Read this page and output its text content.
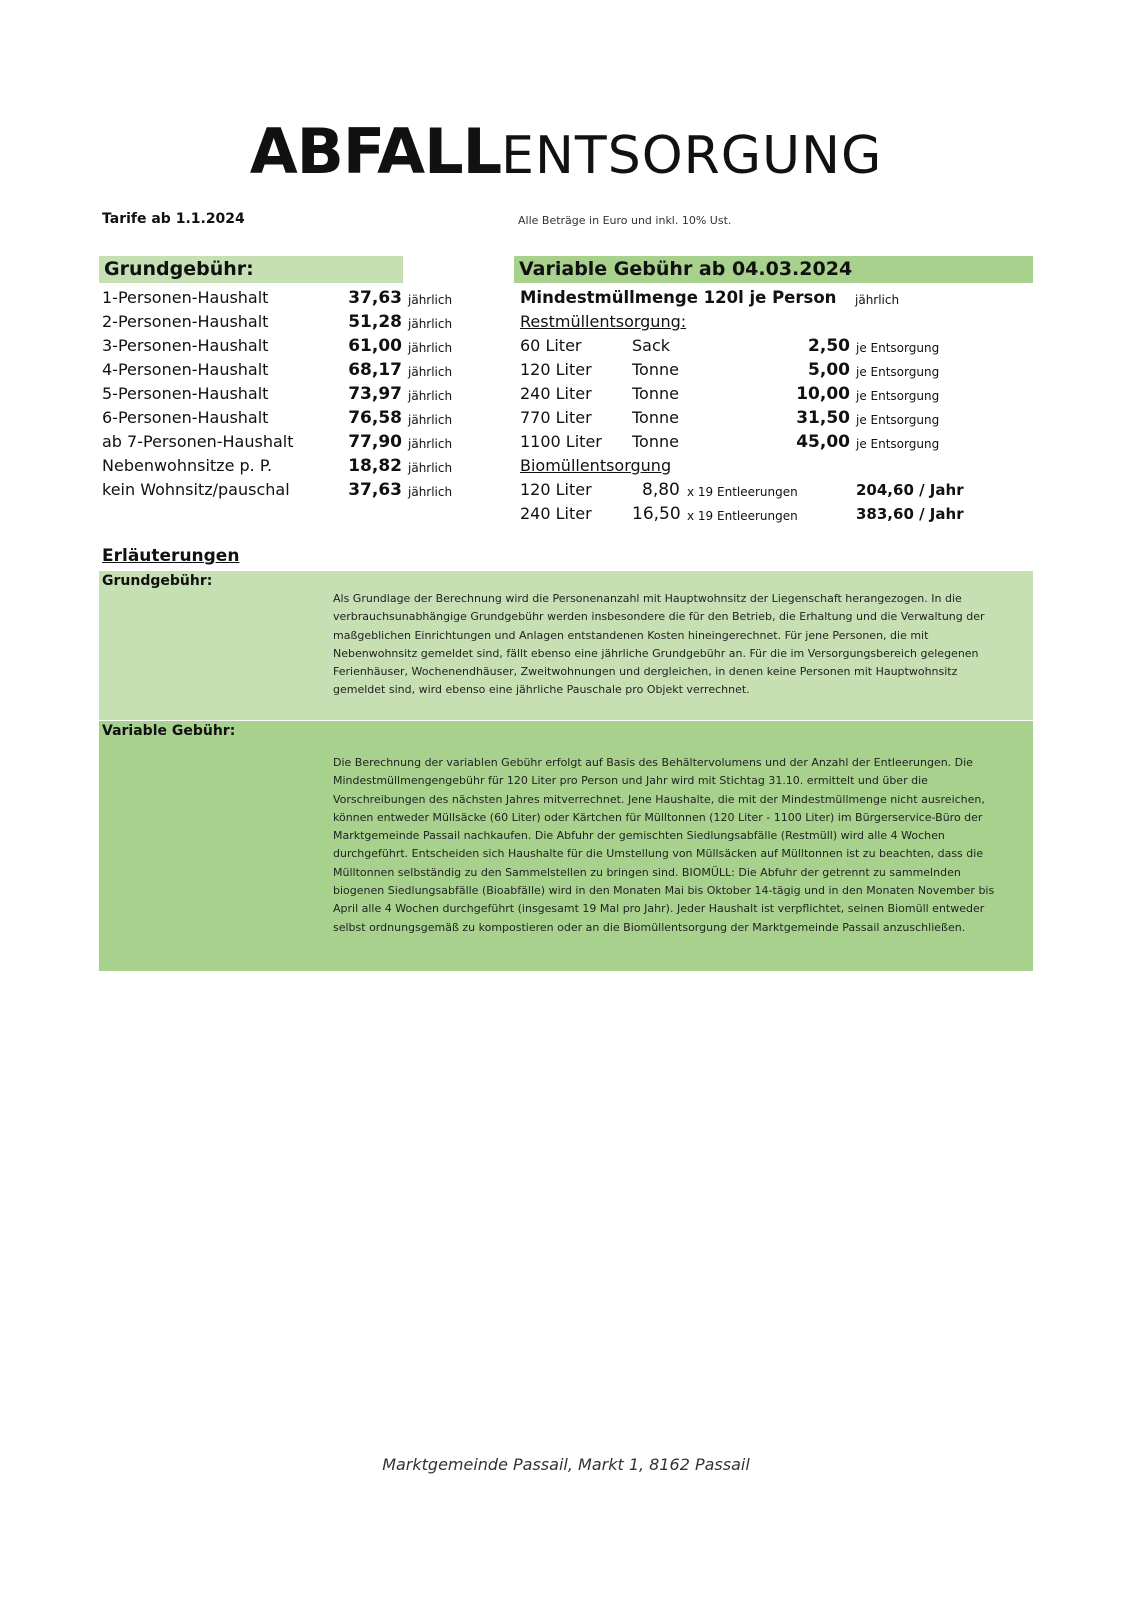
ABFALLENTSORGUNG
Tarife ab 1.1.2024	Alle Beträge in Euro und inkl. 10% Ust.
Grundgebühr:	Variable Gebühr ab 04.03.2024
1-Personen-Haushalt	37,63 jährlich
2-Personen-Haushalt	51,28 jährlich
3-Personen-Haushalt	61,00 jährlich
4-Personen-Haushalt	68,17 jährlich
5-Personen-Haushalt	73,97 jährlich
6-Personen-Haushalt	76,58 jährlich
ab 7-Personen-Haushalt	77,90 jährlich
Nebenwohnsitze p. P.	18,82 jährlich
kein Wohnsitz/pauschal	37,63 jährlich
Mindestmüllmenge 120l je Person jährlich
Restmüllentsorgung:
60 Liter	Sack	2,50 je Entsorgung
120 Liter	Tonne	5,00 je Entsorgung
240 Liter	Tonne	10,00 je Entsorgung
770 Liter	Tonne	31,50 je Entsorgung
1100 Liter Tonne	45,00 je Entsorgung
Biomüllentsorgung
120 Liter	8,80 x 19 Entleerungen	204,60 / Jahr
240 Liter 16,50 x 19 Entleerungen	383,60 / Jahr
Erläuterungen
Grundgebühr:
Als Grundlage der Berechnung wird die Personenanzahl mit Hauptwohnsitz der Liegenschaft herangezogen. In die
verbrauchsunabhängige Grundgebühr werden insbesondere die für den Betrieb, die Erhaltung und die Verwaltung der
maßgeblichen Einrichtungen und Anlagen entstandenen Kosten hineingerechnet. Für jene Personen, die mit
Nebenwohnsitz gemeldet sind, fällt ebenso eine jährliche Grundgebühr an. Für die im Versorgungsbereich gelegenen
Ferienhäuser, Wochenendhäuser, Zweitwohnungen und dergleichen, in denen keine Personen mit Hauptwohnsitz
gemeldet sind, wird ebenso eine jährliche Pauschale pro Objekt verrechnet.
Variable Gebühr:
Die Berechnung der variablen Gebühr erfolgt auf Basis des Behältervolumens und der Anzahl der Entleerungen. Die
Mindestmüllmengengebühr für 120 Liter pro Person und Jahr wird mit Stichtag 31.10. ermittelt und über die
Vorschreibungen des nächsten Jahres mitverrechnet. Jene Haushalte, die mit der Mindestmüllmenge nicht ausreichen,
können entweder Müllsäcke (60 Liter) oder Kärtchen für Mülltonnen (120 Liter - 1100 Liter) im Bürgerservice-Büro der
Marktgemeinde Passail nachkaufen. Die Abfuhr der gemischten Siedlungsabfälle (Restmüll) wird alle 4 Wochen
durchgeführt. Entscheiden sich Haushalte für die Umstellung von Müllsäcken auf Mülltonnen ist zu beachten, dass die
Mülltonnen selbständig zu den Sammelstellen zu bringen sind. BIOMÜLL: Die Abfuhr der getrennt zu sammelnden
biogenen Siedlungsabfälle (Bioabfälle) wird in den Monaten Mai bis Oktober 14-tägig und in den Monaten November bis
April alle 4 Wochen durchgeführt (insgesamt 19 Mal pro Jahr). Jeder Haushalt ist verpflichtet, seinen Biomüll entweder
selbst ordnungsgemäß zu kompostieren oder an die Biomüllentsorgung der Marktgemeinde Passail anzuschließen.
Marktgemeinde Passail, Markt 1, 8162 Passail
